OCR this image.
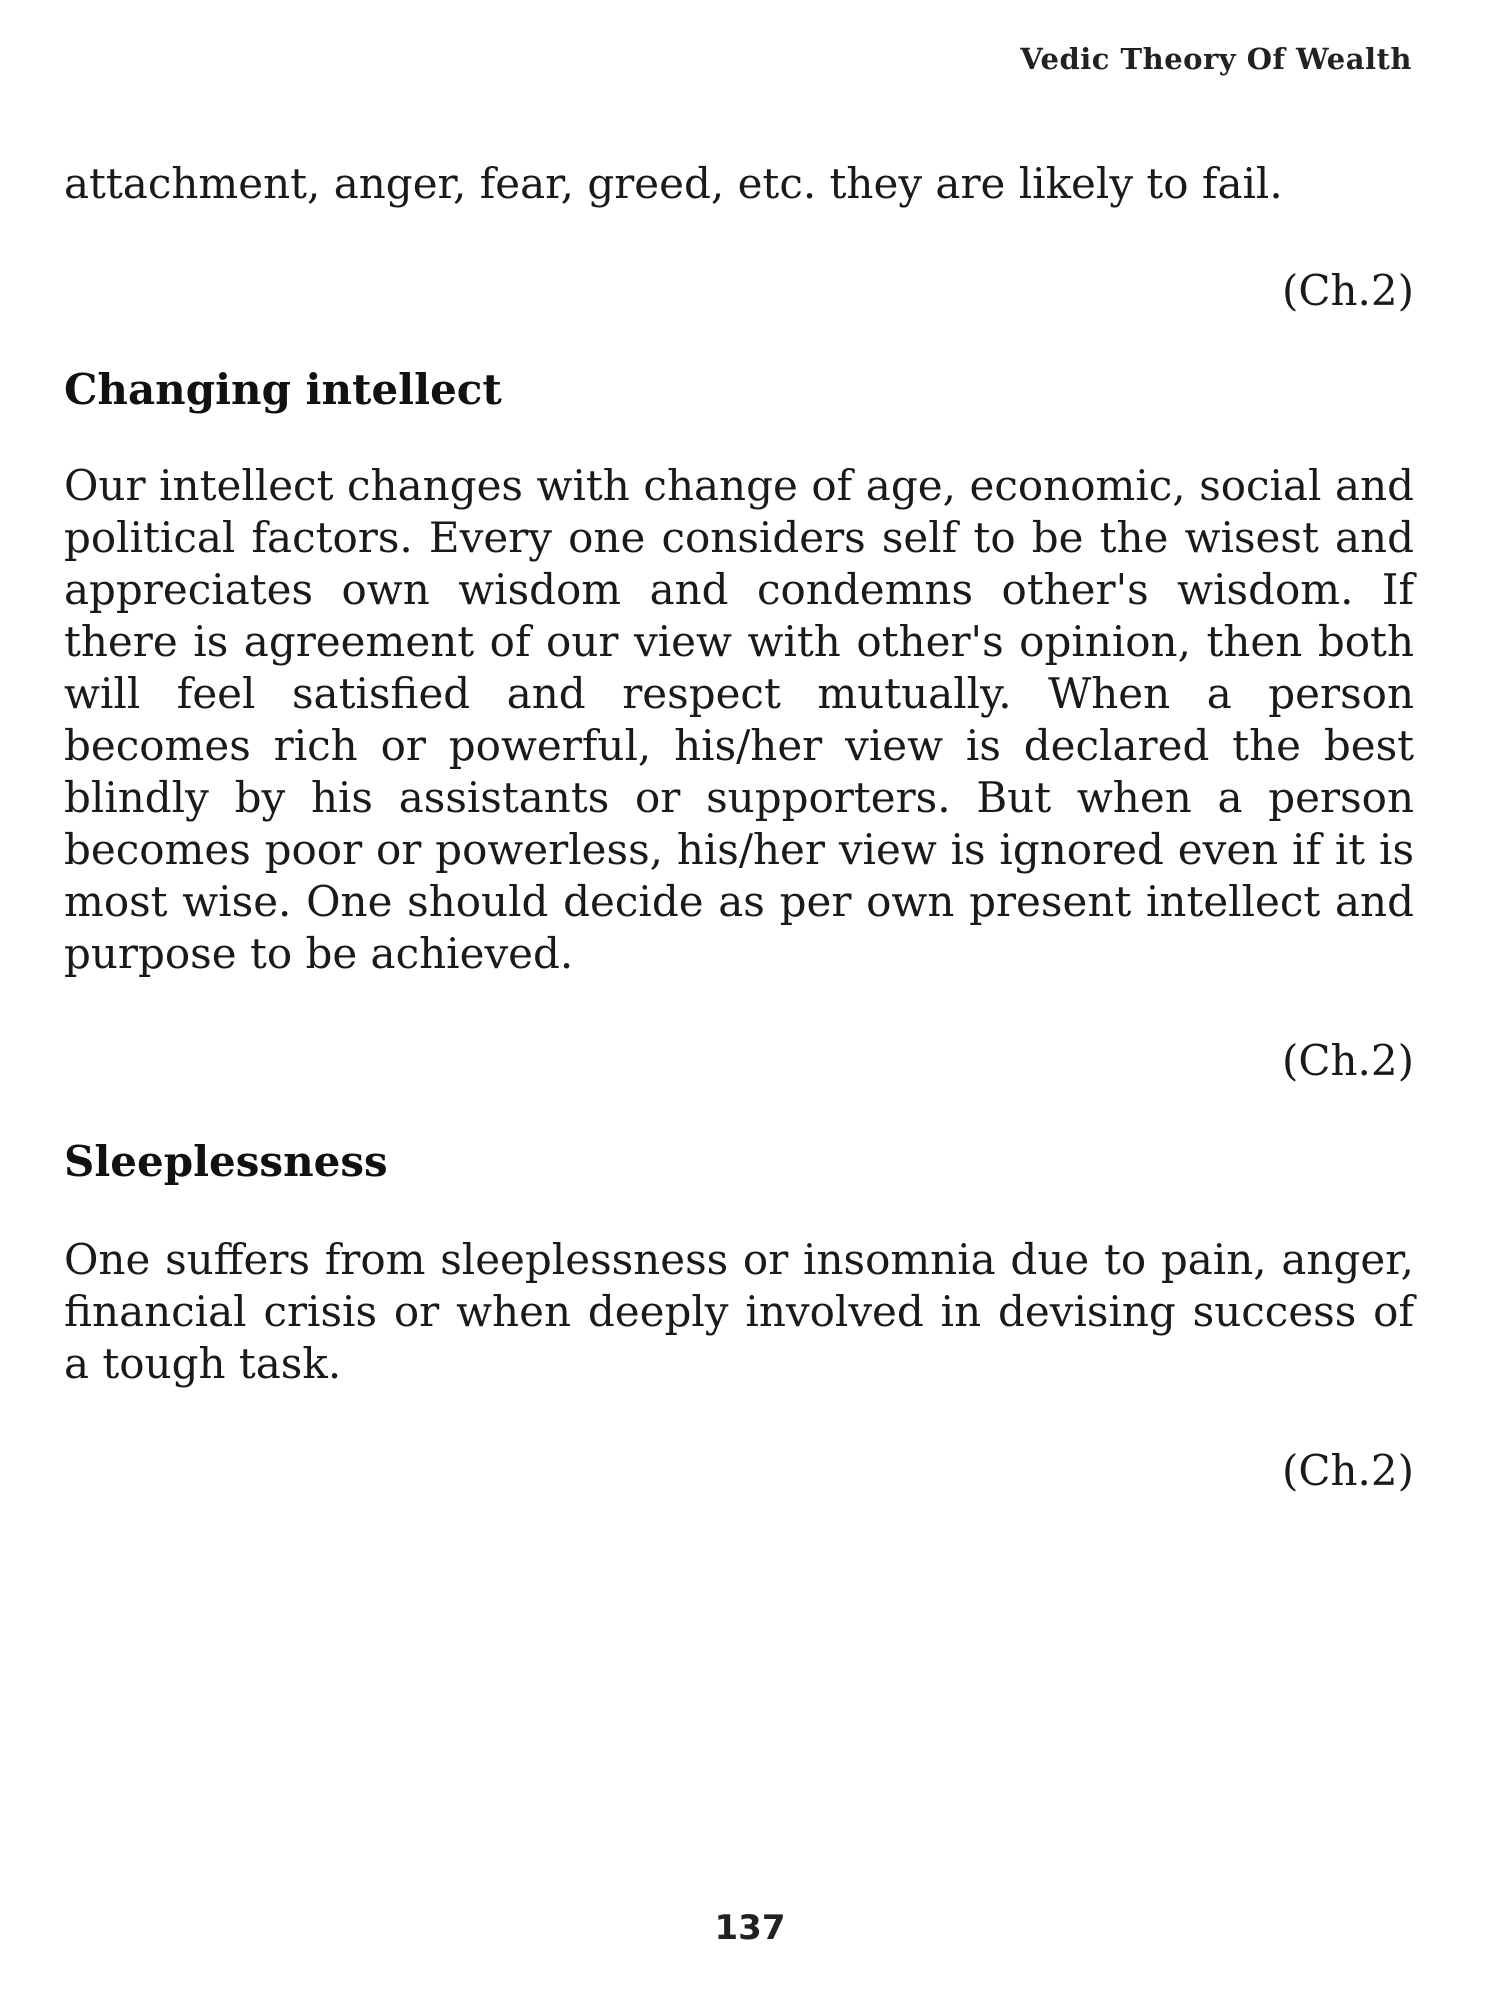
Vedic Theory Of Wealth

attachment, anger, fear, greed, etc. they are likely to fail.

(Ch.2)

Changing intellect

Our intellect changes with change of age, economic, social and political factors. Every one considers self to be the wisest and appreciates own wisdom and condemns other's wisdom. If there is agreement of our view with other's opinion, then both will feel satisfied and respect mutually. When a person becomes rich or powerful, his/her view is declared the best blindly by his assistants or supporters. But when a person becomes poor or powerless, his/her view is ignored even if it is most wise. One should decide as per own present intellect and purpose to be achieved.

(Ch.2)

Sleeplessness

One suffers from sleeplessness or insomnia due to pain, anger, financial crisis or when deeply involved in devising success of a tough task.

(Ch.2)

137
